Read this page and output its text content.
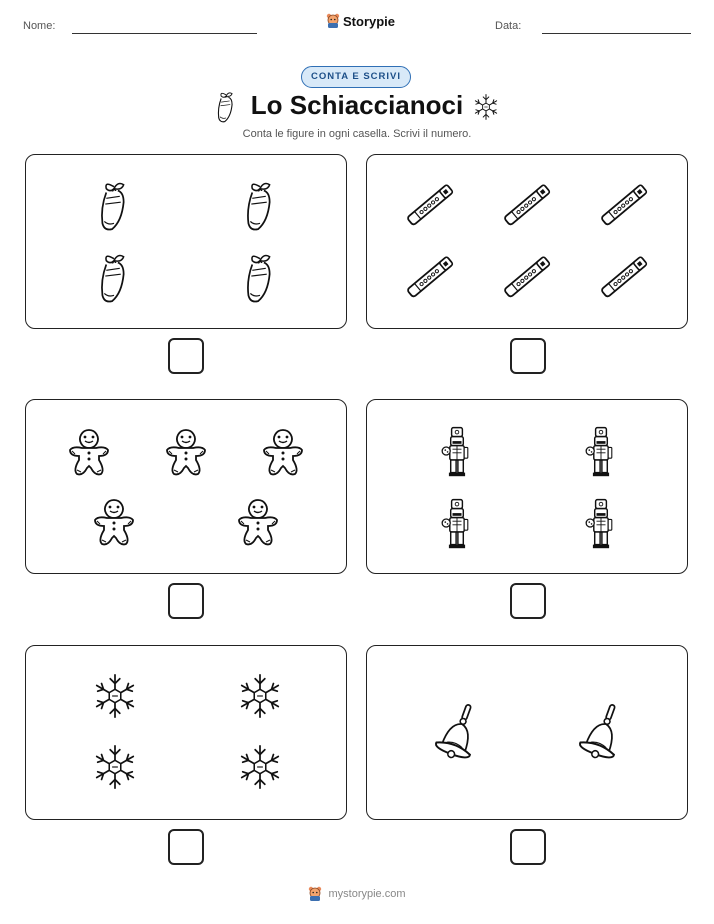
Nome:	Storypie	Data:
CONTA E SCRIVI
Lo Schiaccianoci
Conta le figure in ogni casella. Scrivi il numero.
mystorypie.com
